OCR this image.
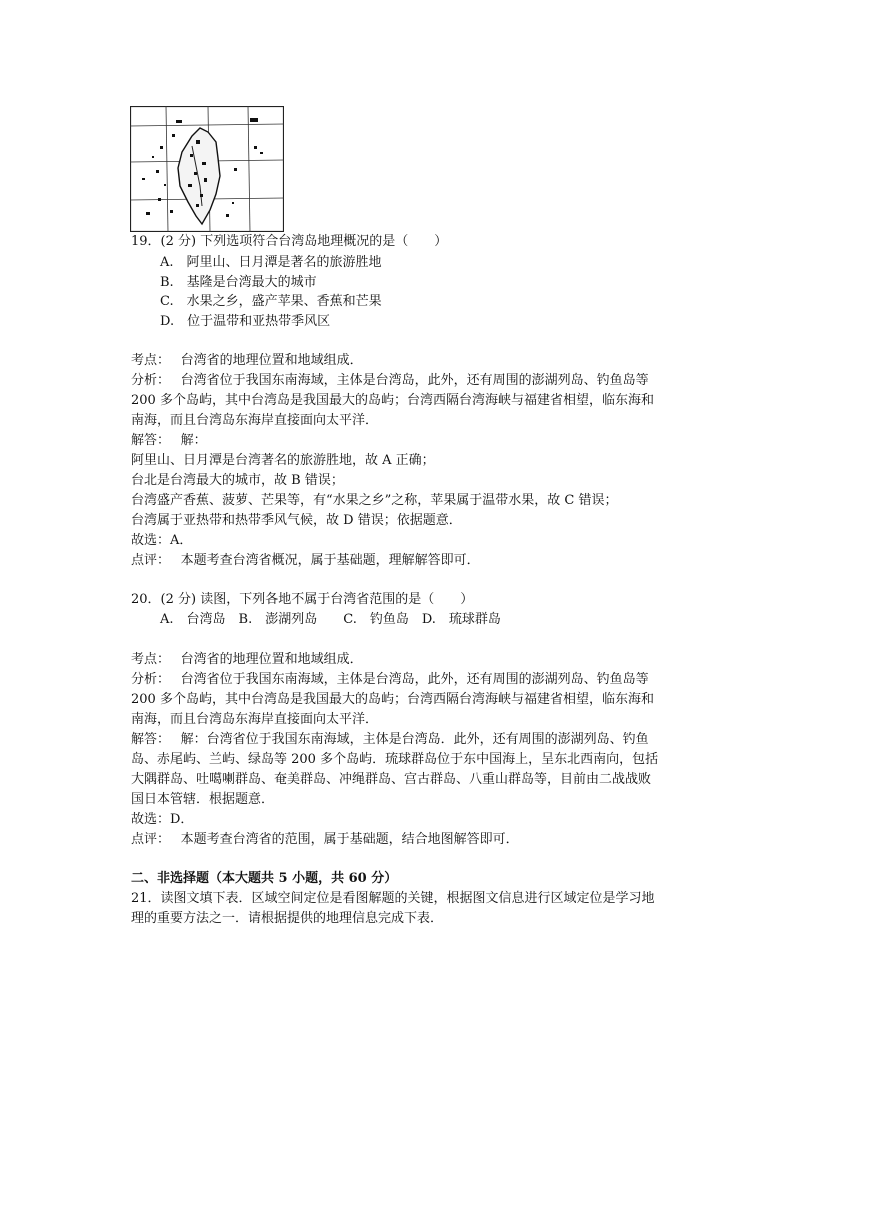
19．(2 分) 下列选项符合台湾岛地理概况的是（　　）
A.　阿里山、日月潭是著名的旅游胜地
B.　基隆是台湾最大的城市
C.　水果之乡，盛产苹果、香蕉和芒果
D.　位于温带和亚热带季风区
考点：　 台湾省的地理位置和地域组成．
分析：　 台湾省位于我国东南海域，主体是台湾岛，此外，还有周围的澎湖列岛、钓鱼岛等
200 多个岛屿，其中台湾岛是我国最大的岛屿；台湾西隔台湾海峡与福建省相望，临东海和
南海，而且台湾岛东海岸直接面向太平洋．
解答：　 解：
阿里山、日月潭是台湾著名的旅游胜地，故 A 正确；
台北是台湾最大的城市，故 B 错误；
台湾盛产香蕉、菠萝、芒果等，有“水果之乡”之称，苹果属于温带水果，故 C 错误；
台湾属于亚热带和热带季风气候，故 D 错误；依据题意．
故选：A．
点评：　 本题考查台湾省概况，属于基础题，理解解答即可．
20．(2 分) 读图，下列各地不属于台湾省范围的是（　　）
A.　台湾岛　B.　澎湖列岛　　C.　钓鱼岛　D.　琉球群岛
考点：　 台湾省的地理位置和地域组成．
分析：　 台湾省位于我国东南海域，主体是台湾岛，此外，还有周围的澎湖列岛、钓鱼岛等
200 多个岛屿，其中台湾岛是我国最大的岛屿；台湾西隔台湾海峡与福建省相望，临东海和
南海，而且台湾岛东海岸直接面向太平洋．
解答：　 解：台湾省位于我国东南海域，主体是台湾岛．此外，还有周围的澎湖列岛、钓鱼
岛、赤尾屿、兰屿、绿岛等 200 多个岛屿．琉球群岛位于东中国海上，呈东北西南向，包括
大隅群岛、吐噶喇群岛、奄美群岛、冲绳群岛、宫古群岛、八重山群岛等，目前由二战战败
国日本管辖．根据题意．
故选：D．
点评：　 本题考查台湾省的范围，属于基础题，结合地图解答即可．
二、非选择题（本大题共 5 小题，共 60 分）
21．读图文填下表．区域空间定位是看图解题的关键，根据图文信息进行区域定位是学习地
理的重要方法之一．请根据提供的地理信息完成下表．
